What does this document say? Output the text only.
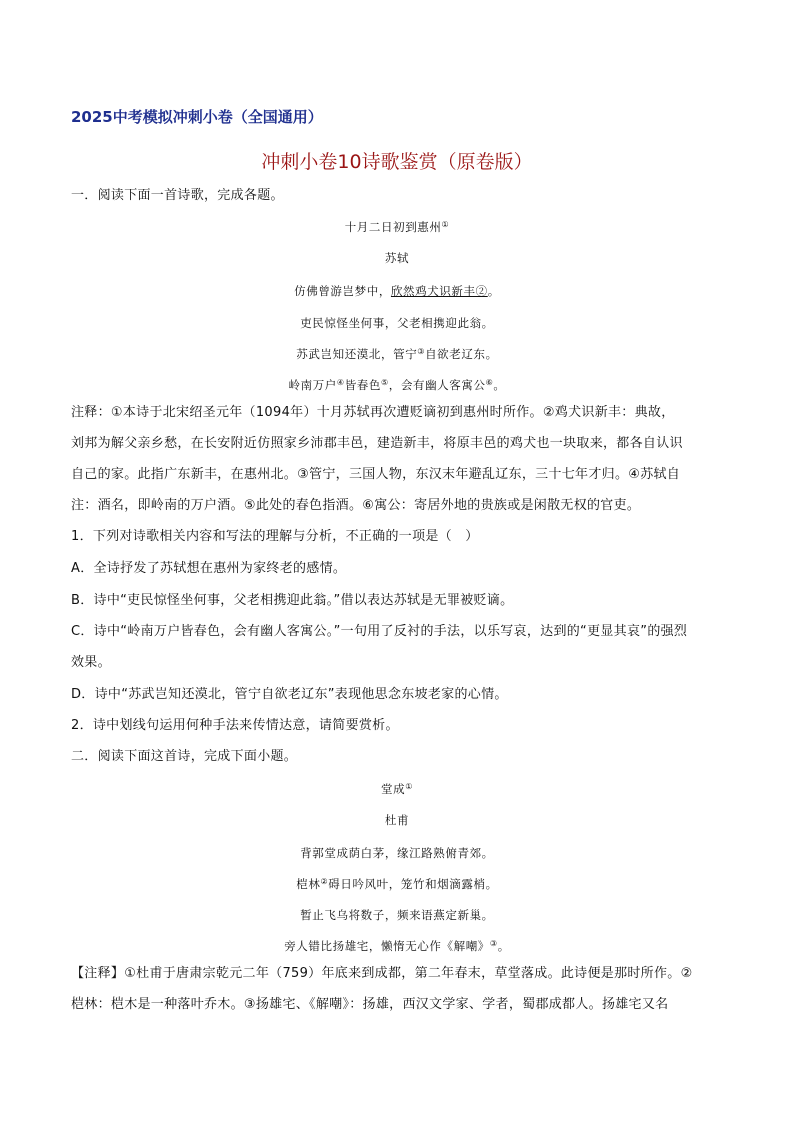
2025中考模拟冲刺小卷（全国通用）
冲刺小卷10诗歌鉴赏（原卷版）
一．阅读下面一首诗歌，完成各题。
十月二日初到惠州①
苏轼
仿佛曾游岂梦中，欣然鸡犬识新丰②。
吏民惊怪坐何事，父老相携迎此翁。
苏武岂知还漠北，管宁③自欲老辽东。
岭南万户④皆春色⑤，会有幽人客寓公⑥。
注释：①本诗于北宋绍圣元年（1094年）十月苏轼再次遭贬谪初到惠州时所作。②鸡犬识新丰：典故，
刘邦为解父亲乡愁，在长安附近仿照家乡沛郡丰邑，建造新丰，将原丰邑的鸡犬也一块取来，都各自认识
自己的家。此指广东新丰，在惠州北。③管宁，三国人物，东汉末年避乱辽东，三十七年才归。④苏轼自
注：酒名，即岭南的万户酒。⑤此处的春色指酒。⑥寓公：寄居外地的贵族或是闲散无权的官吏。
1．下列对诗歌相关内容和写法的理解与分析，不正确的一项是（　）
A．全诗抒发了苏轼想在惠州为家终老的感情。
B．诗中“吏民惊怪坐何事，父老相携迎此翁。”借以表达苏轼是无罪被贬谪。
C．诗中“岭南万户皆春色，会有幽人客寓公。”一句用了反衬的手法，以乐写哀，达到的“更显其哀”的强烈
效果。
D．诗中“苏武岂知还漠北，管宁自欲老辽东”表现他思念东坡老家的心情。
2．诗中划线句运用何种手法来传情达意，请简要赏析。
二．阅读下面这首诗，完成下面小题。
堂成①
杜甫
背郭堂成荫白茅，缘江路熟俯青郊。
桤林②碍日吟风叶，笼竹和烟滴露梢。
暂止飞乌将数子，频来语燕定新巢。
旁人错比扬雄宅，懒惰无心作《解嘲》③。
【注释】①杜甫于唐肃宗乾元二年（759）年底来到成都，第二年春末，草堂落成。此诗便是那时所作。②
桤林：桤木是一种落叶乔木。③扬雄宅、《解嘲》：扬雄，西汉文学家、学者，蜀郡成都人。扬雄宅又名
